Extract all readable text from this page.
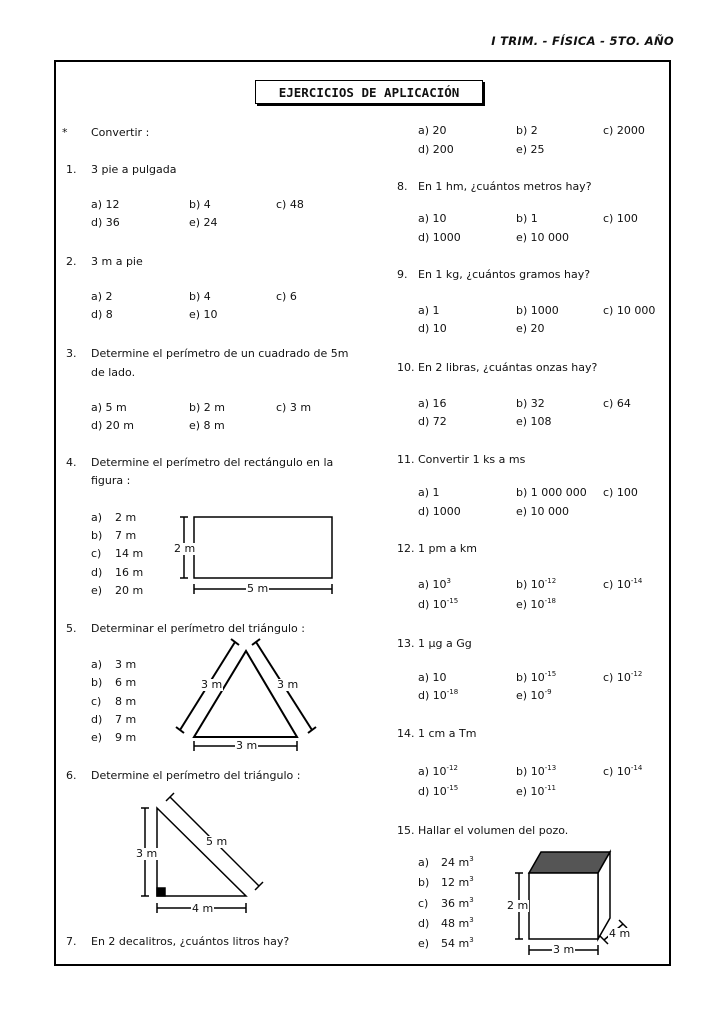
I TRIM. - FÍSICA - 5TO. AÑO
EJERCICIOS DE APLICACIÓN
* Convertir :
1. 3 pie a pulgada
a) 12	b) 4	c) 48
d) 36	e) 24
2. 3 m a pie
a) 2	b) 4	c) 6
d) 8	e) 10
3. Determine el perímetro de un cuadrado de 5m
de lado.
a) 5 m	b) 2 m	c) 3 m
d) 20 m	e) 8 m
4. Determine el perímetro del rectángulo en la
figura :
a) 2 m
b) 7 m
c) 14 m
d) 16 m
e) 20 m
2 m
5 m
5. Determinar el perímetro del triángulo :
a) 3 m
b) 6 m
c) 8 m
d) 7 m
e) 9 m
3 m	3 m
3 m
6. Determine el perímetro del triángulo :
5 m
3 m
4 m
7. En 2 decalitros, ¿cuántos litros hay?
a) 20	b) 2	c) 2000
d) 200	e) 25
8. En 1 hm, ¿cuántos metros hay?
a) 10	b) 1	c) 100
d) 1000	e) 10 000
9. En 1 kg, ¿cuántos gramos hay?
a) 1	b) 1000	c) 10 000
d) 10	e) 20
10. En 2 libras, ¿cuántas onzas hay?
a) 16	b) 32	c) 64
d) 72	e) 108
11. Convertir 1 ks a ms
a) 1	b) 1 000 000 c) 100
d) 1000	e) 10 000
12. 1 pm a km
a) $10^3$	b) $10^{-12}$	c) $10^{-14}$
d) $10^{-15}$	e) $10^{-18}$
13. 1 μg a Gg
a) 10	b) $10^{-15}$	c) $10^{-12}$
d) $10^{-18}$	e) $10^{-9}$
14. 1 cm a Tm
a) $10^{-12}$	b) $10^{-13}$	c) $10^{-14}$
d) $10^{-15}$	e) $10^{-11}$
15. Hallar el volumen del pozo.
a) 24 $m^3$
b) 12 $m^3$
c) 36 $m^3$
d) 48 $m^3$
e) 54 $m^3$
2 m
3 m
4 m
